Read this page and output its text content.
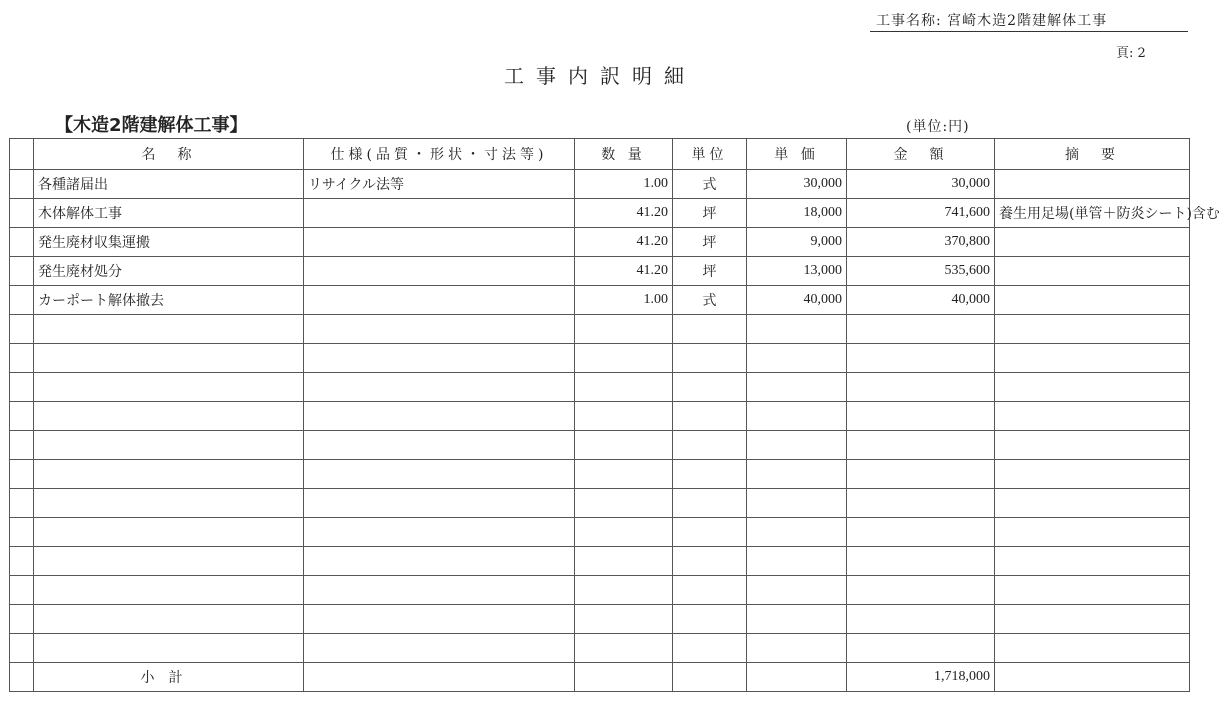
工事名称: 宮崎木造2階建解体工事
頁: 2
工事内訳明細
【木造2階建解体工事】	(単位:円)
	名　称	仕様(品質・形状・寸法等)	数 量	単位	単 価	金　額	摘　要
	各種諸届出	リサイクル法等	1.00	式	30,000	30,000	
	木体解体工事		41.20	坪	18,000	741,600	養生用足場(単管＋防炎シート)含む
	発生廃材収集運搬		41.20	坪	9,000	370,800	
	発生廃材処分		41.20	坪	13,000	535,600	
	カーポート解体撤去		1.00	式	40,000	40,000	

	小計					1,718,000	
